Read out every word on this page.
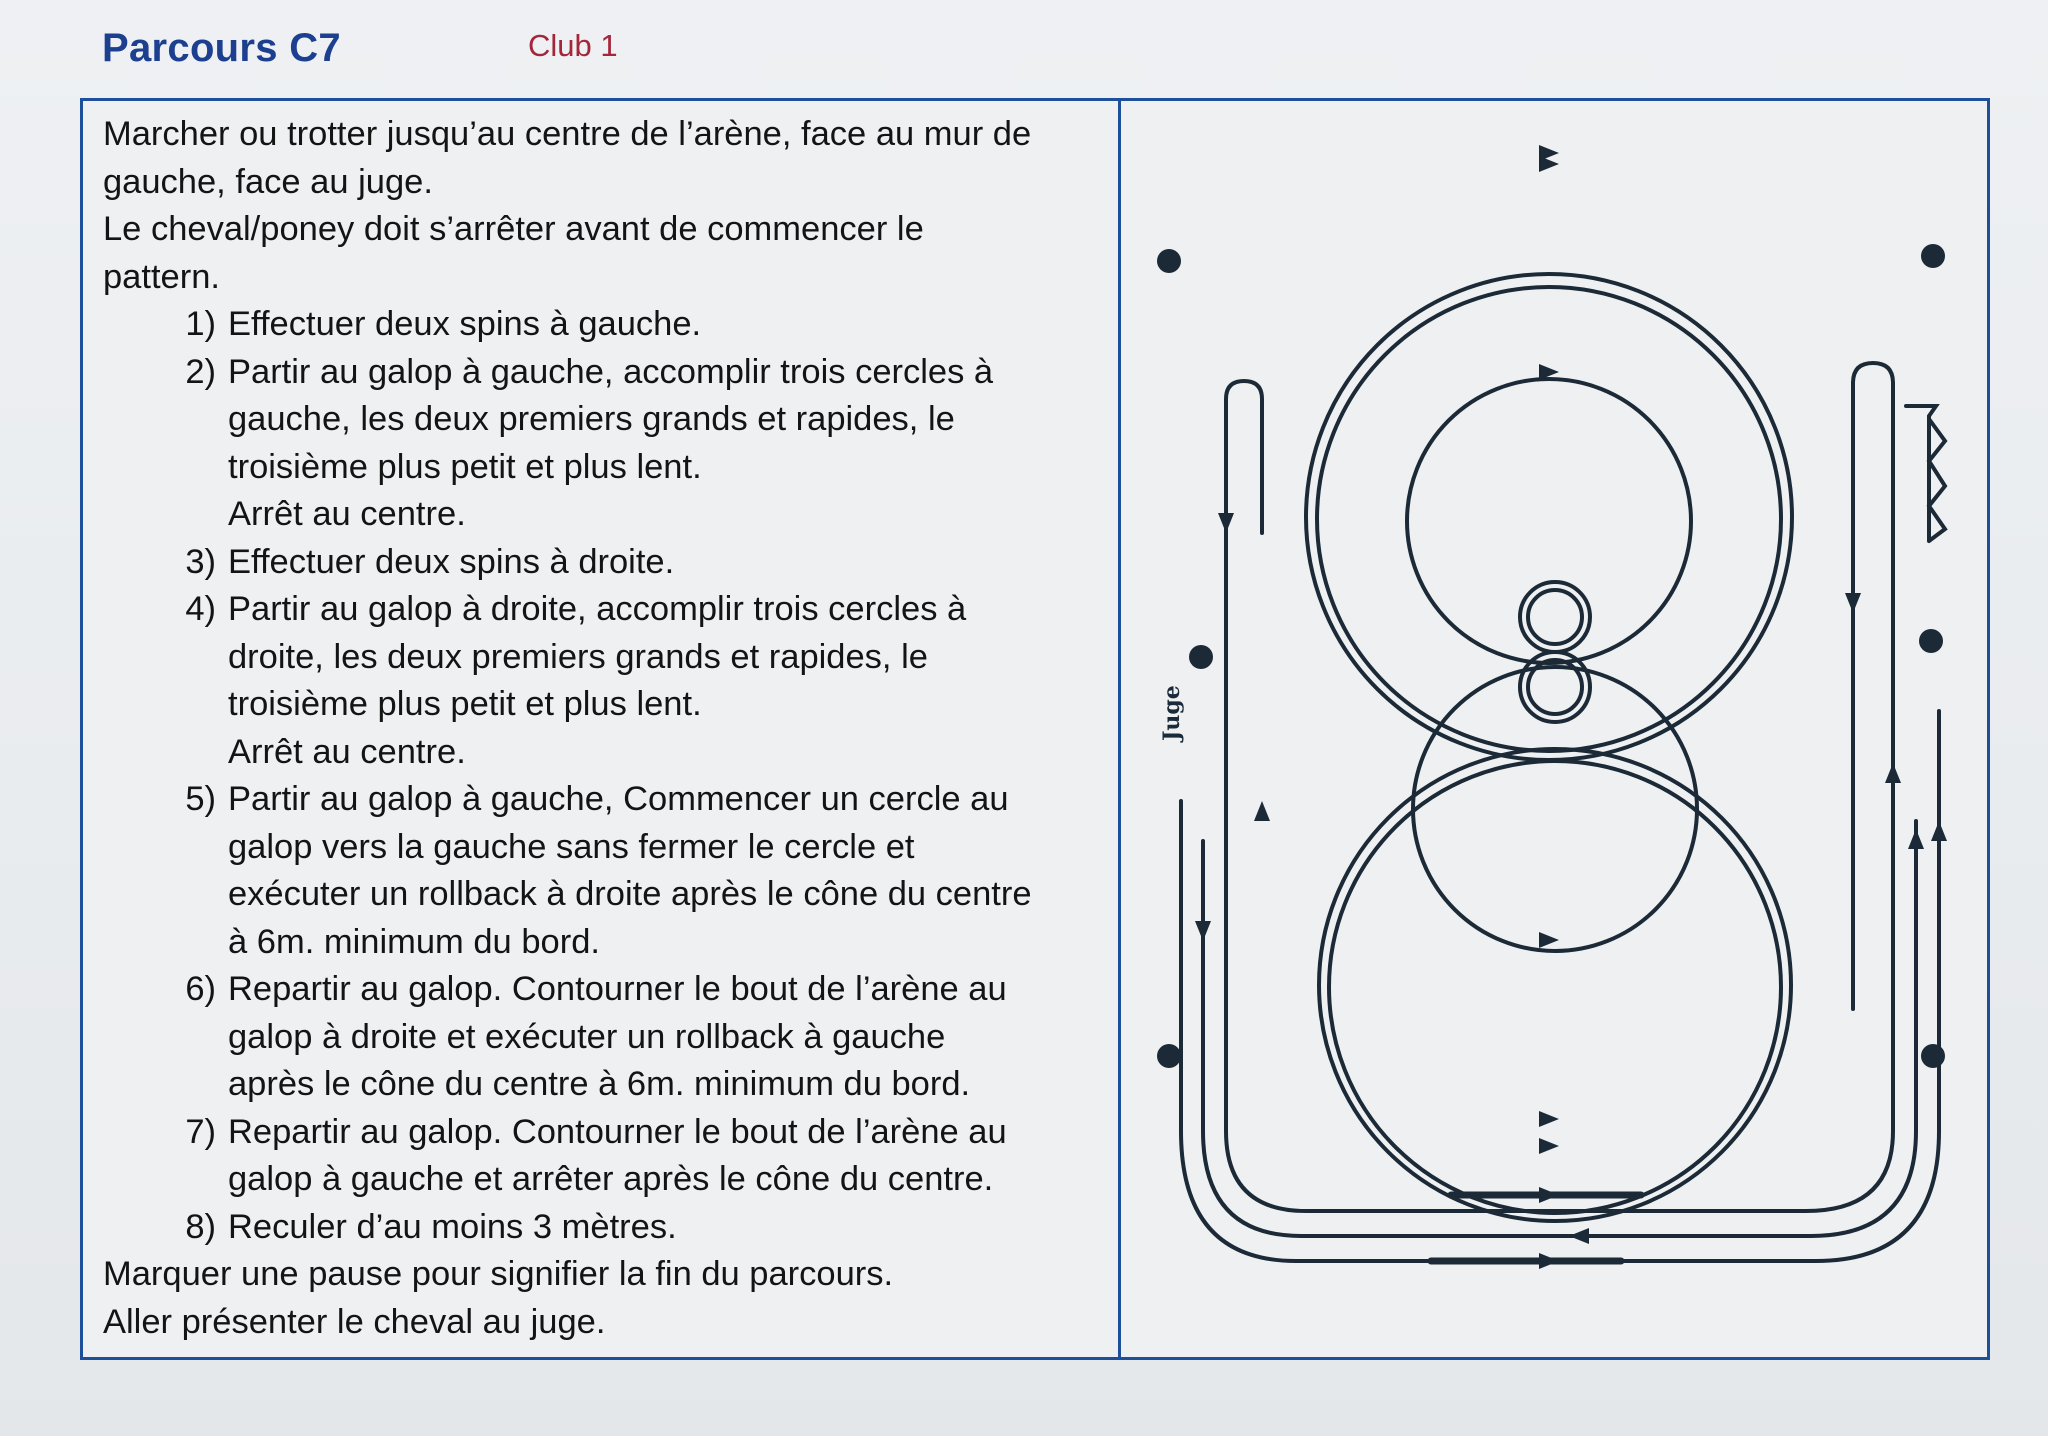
Parcours C7	Club 1

Marcher ou trotter jusqu’au centre de l’arène, face au mur de

gauche, face au juge.

Le cheval/poney doit s’arrêter avant de commencer le

pattern.

1) Effectuer deux spins à gauche.
2) Partir au galop à gauche, accomplir trois cercles à
gauche, les deux premiers grands et rapides, le
troisième plus petit et plus lent.
Arrêt au centre.
3) Effectuer deux spins à droite.
4) Partir au galop à droite, accomplir trois cercles à
droite, les deux premiers grands et rapides, le
troisième plus petit et plus lent.
Arrêt au centre.
5) Partir au galop à gauche, Commencer un cercle au
galop vers la gauche sans fermer le cercle et
exécuter un rollback à droite après le cône du centre
à 6m. minimum du bord.
6) Repartir au galop. Contourner le bout de l’arène au
galop à droite et exécuter un rollback à gauche
après le cône du centre à 6m. minimum du bord.
7) Repartir au galop. Contourner le bout de l’arène au
galop à gauche et arrêter après le cône du centre.
8) Reculer d’au moins 3 mètres.

Marquer une pause pour signifier la fin du parcours.

Aller présenter le cheval au juge.

Juge
